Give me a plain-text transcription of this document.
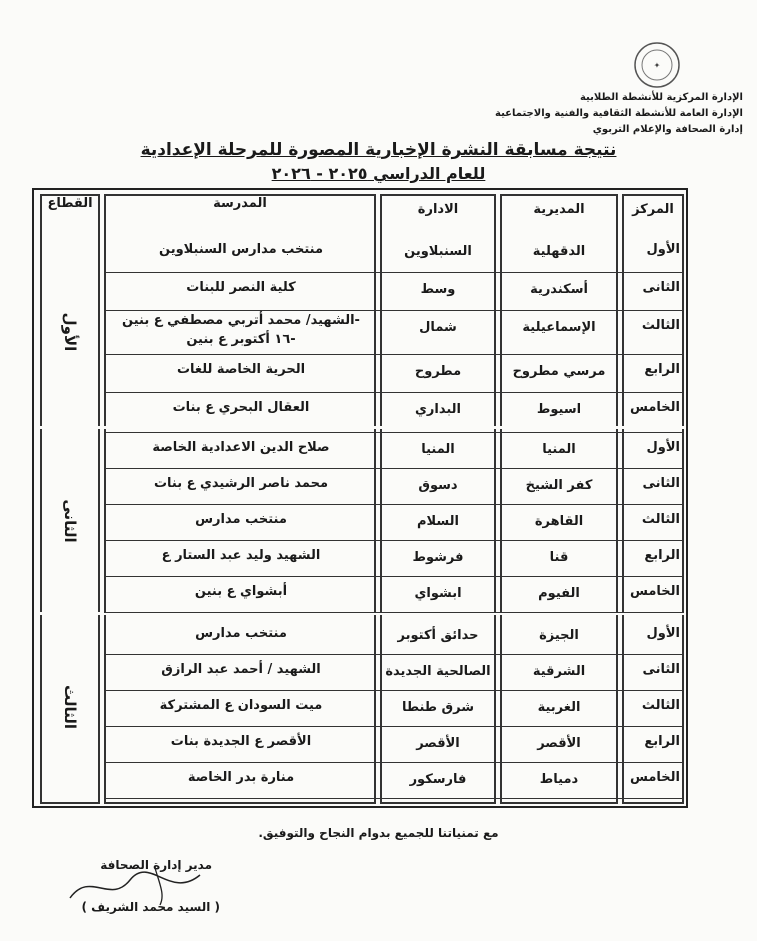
✦
الإدارة المركزية للأنشطة الطلابية
الإدارة العامة للأنشطة الثقافية والفنية والاجتماعية
إدارة الصحافة والإعلام التربوي
نتيجة مسابقة النشرة الإخبارية المصورة للمرحلة الإعدادية
للعام الدراسي ٢٠٢٥ - ٢٠٢٦
المركز
المديرية
الادارة
المدرسة
القطاع
الأول
الأول
الدقهلية
السنبلاوين
منتخب مدارس السنبلاوين
الثانى
أسكندرية
وسط
كلية النصر للبنات
الثالث
الإسماعيلية
شمال
-الشهيد/ محمد أتربي مصطفي ع بنين
-١٦ أكتوبر ع بنين
الرابع
مرسي مطروح
مطروح
الحرية الخاصة للغات
الخامس
اسيوط
البداري
العقال البحري ع بنات
الثانى
الأول
المنيا
المنيا
صلاح الدين الاعدادية الخاصة
الثانى
كفر الشيخ
دسوق
محمد ناصر الرشيدي ع بنات
الثالث
القاهرة
السلام
منتخب مدارس
الرابع
قنا
فرشوط
الشهيد وليد عبد الستار ع
الخامس
الفيوم
ابشواي
أبشواي ع بنين
الثالث
الأول
الجيزة
حدائق أكتوبر
منتخب مدارس
الثانى
الشرقية
الصالحية الجديدة
الشهيد / أحمد عبد الرازق
الثالث
الغربية
شرق طنطا
ميت السودان ع المشتركة
الرابع
الأقصر
الأقصر
الأقصر ع الجديدة بنات
الخامس
دمياط
فارسكور
منارة بدر الخاصة
مع تمنياتنا للجميع بدوام النجاح والتوفيق.
مدير إدارة الصحافة
( السيد محمد الشريف )
